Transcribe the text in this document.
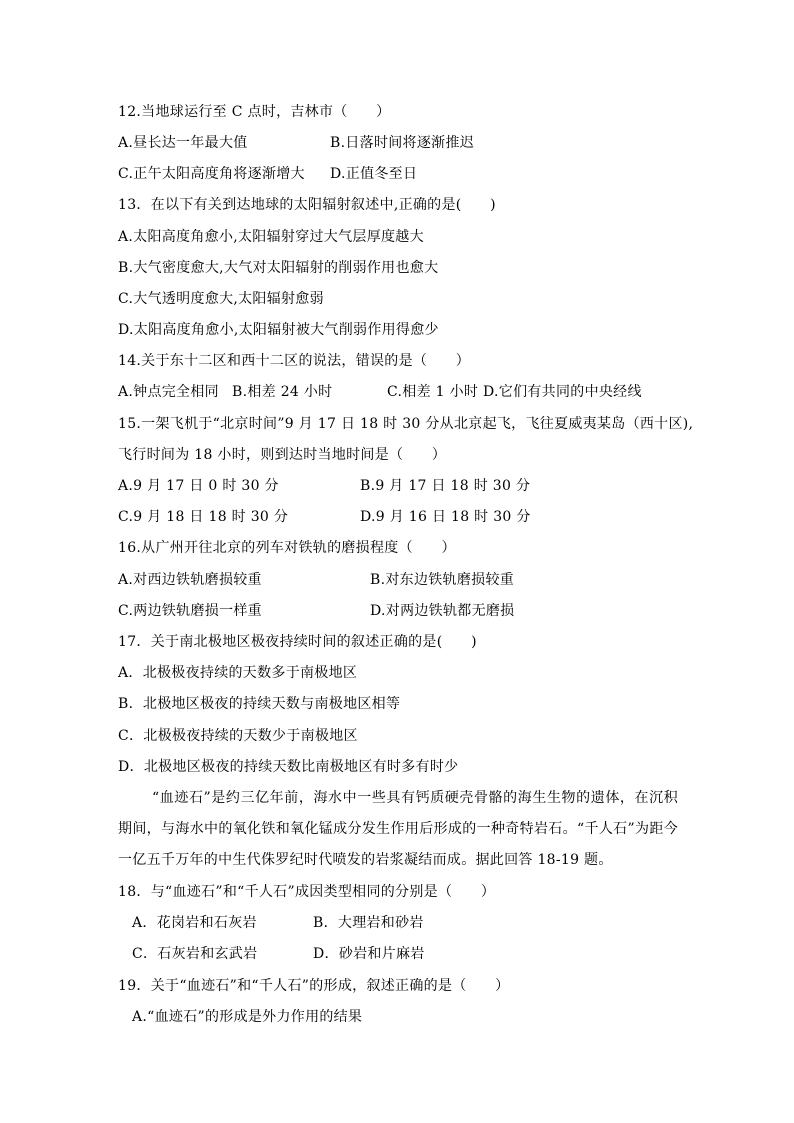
12.当地球运行至 C 点时，吉林市（　　）
A.昼长达一年最大值	B.日落时间将逐渐推迟
C.正午太阳高度角将逐渐增大 D.正值冬至日
13．在以下有关到达地球的太阳辐射叙述中,正确的是(　　)
A.太阳高度角愈小,太阳辐射穿过大气层厚度越大
B.大气密度愈大,大气对太阳辐射的削弱作用也愈大
C.大气透明度愈大,太阳辐射愈弱
D.太阳高度角愈小,太阳辐射被大气削弱作用得愈少
14.关于东十二区和西十二区的说法，错误的是（　　）
A.钟点完全相同 B.相差 24 小时	C.相差 1 小时 D.它们有共同的中央经线
15.一架飞机于“北京时间”9 月 17 日 18 时 30 分从北京起飞，飞往夏威夷某岛（西十区),
飞行时间为 18 小时，则到达时当地时间是（　　）
A.9 月 17 日 0 时 30 分	B.9 月 17 日 18 时 30 分
C.9 月 18 日 18 时 30 分	D.9 月 16 日 18 时 30 分
16.从广州开往北京的列车对铁轨的磨损程度（　　）
A.对西边铁轨磨损较重	B.对东边铁轨磨损较重
C.两边铁轨磨损一样重	D.对两边铁轨都无磨损
17．关于南北极地区极夜持续时间的叙述正确的是(　　)
A．北极极夜持续的天数多于南极地区
B．北极地区极夜的持续天数与南极地区相等
C．北极极夜持续的天数少于南极地区
D．北极地区极夜的持续天数比南极地区有时多有时少
“血迹石”是约三亿年前，海水中一些具有钙质硬壳骨骼的海生生物的遗体，在沉积期间，与海水中的氧化铁和氧化锰成分发生作用后形成的一种奇特岩石。“千人石”为距今一亿五千万年的中生代侏罗纪时代喷发的岩浆凝结而成。据此回答 18-19 题。
18．与“血迹石”和“千人石”成因类型相同的分别是（　　）
A．花岗岩和石灰岩	B．大理岩和砂岩
C．石灰岩和玄武岩	D．砂岩和片麻岩
19．关于“血迹石”和“千人石”的形成，叙述正确的是（　　）
A.“血迹石”的形成是外力作用的结果
